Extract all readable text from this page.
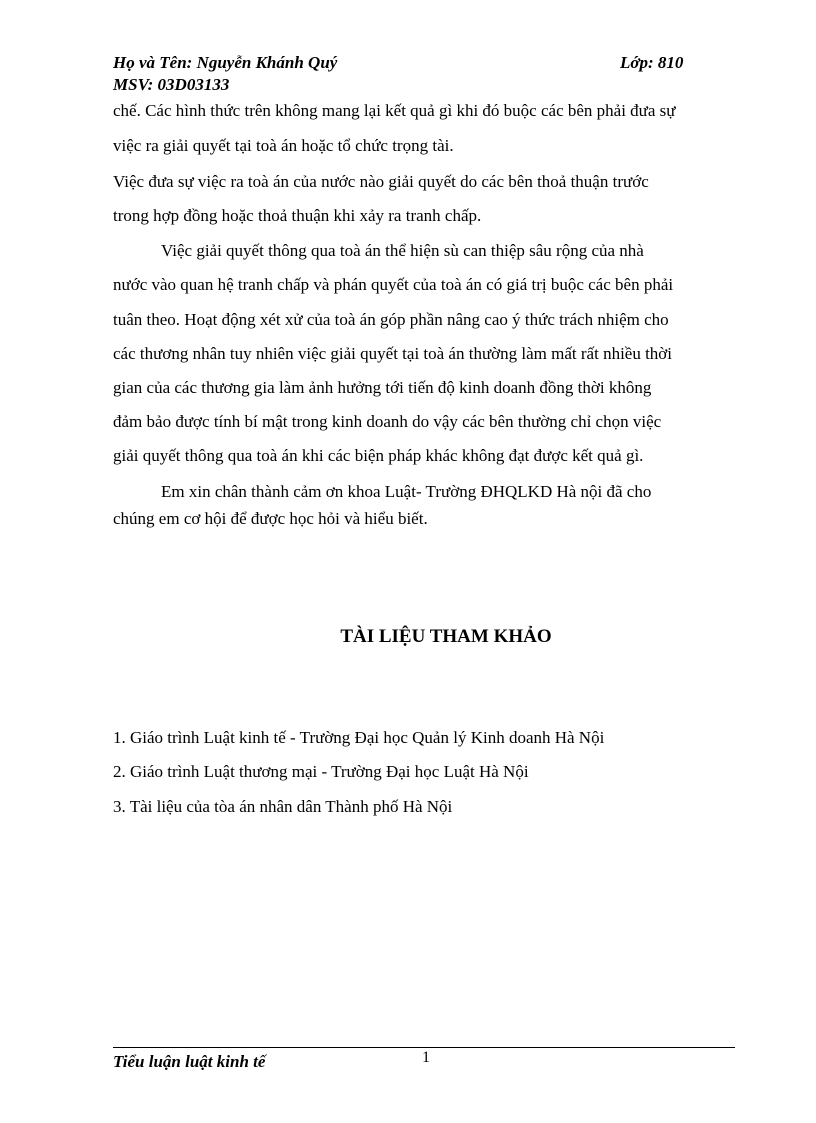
Họ và Tên: Nguyễn Khánh Quý	Lớp: 810
MSV: 03D03133
chế. Các hình thức trên không mang lại kết quả gì khi đó buộc các bên phải đưa sự
việc ra giải quyết tại toà án hoặc tổ chức trọng tài.
Việc đưa sự việc ra toà án của nước nào giải quyết do các bên thoả thuận trước
trong hợp đồng hoặc thoả thuận khi xảy ra tranh chấp.
Việc giải quyết thông qua toà án thể hiện sù can thiệp sâu rộng của nhà
nước vào quan hệ tranh chấp và phán quyết của toà án có giá trị buộc các bên phải
tuân theo. Hoạt động xét xử của toà án góp phần nâng cao ý thức trách nhiệm cho
các thương nhân tuy nhiên việc giải quyết tại toà án thường làm mất rất nhiều thời
gian của các thương gia làm ảnh hưởng tới tiến độ kinh doanh đồng thời không
đảm bảo được tính bí mật trong kinh doanh do vậy các bên thường chỉ chọn việc
giải quyết thông qua toà án khi các biện pháp khác không đạt được kết quả gì.
Em xin chân thành cảm ơn khoa Luật- Trường ĐHQLKD Hà nội đã cho
chúng em cơ hội để được học hỏi và hiểu biết.
TÀI LIỆU THAM KHẢO
1. Giáo trình Luật kinh tế - Trường Đại học Quản lý Kinh doanh Hà Nội
2. Giáo trình Luật thương mại - Trường Đại học Luật Hà Nội
3. Tài liệu của tòa án nhân dân Thành phố Hà Nội
Tiểu luận luật kinh tế	1
